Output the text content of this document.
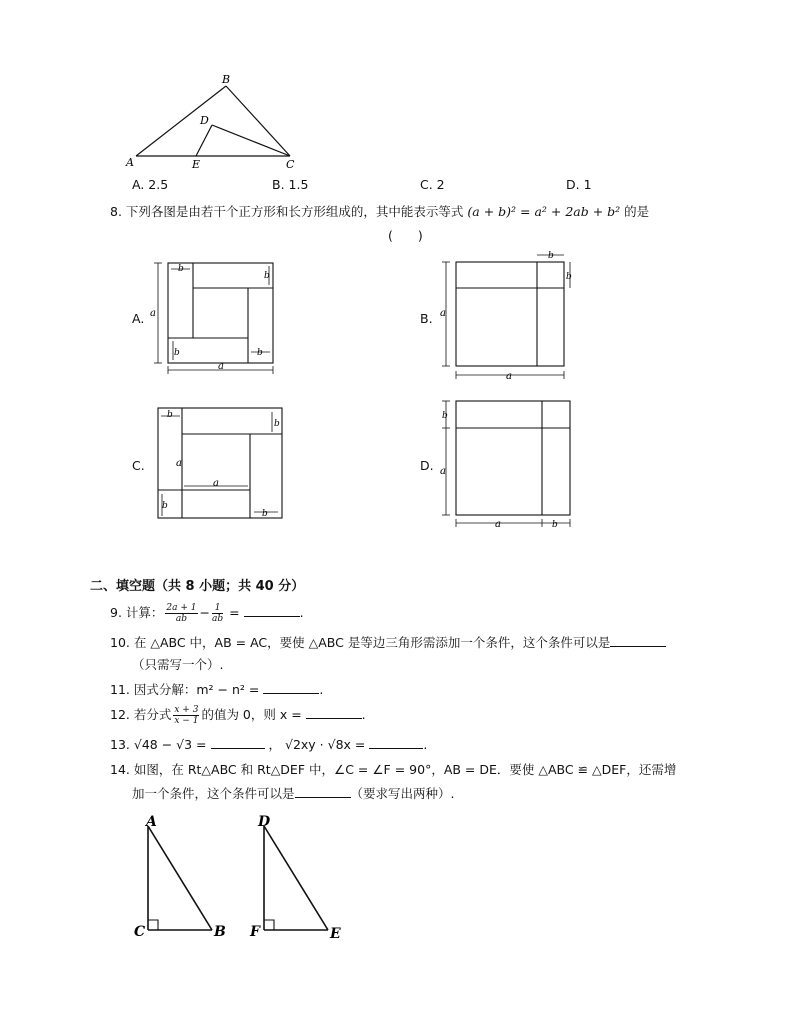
B
D
A	E	C
A. 2.5	B. 1.5	C. 2	D. 1
8. 下列各图是由若干个正方形和长方形组成的，其中能表示等式 (a + b)² = a² + 2ab + b² 的是
(　　)
A.	B.
C.	D.
a
a
b
b
b	b
a
a
b
b
b
b
a
a
b
b
b
a
a	b
二、填空题（共 8 小题；共 40 分）
9. 计算： $\frac{2a + 1}{ab} - \frac{1}{ab}$ =	.
10. 在 △ABC 中，AB = AC，要使 △ABC 是等边三角形需添加一个条件，这个条件可以是
（只需写一个）.
11. 因式分解：m² − n² =	.
12. 若分式 $\frac{x + 3}{x - 1}$ 的值为 0，则 x =	.
13. √48 − √3 =	， √2xy · √8x =	.
14. 如图，在 Rt△ABC 和 Rt△DEF 中，∠C = ∠F = 90°，AB = DE．要使 △ABC ≌ △DEF，还需增
加一个条件，这个条件可以是	（要求写出两种）.
A
C	B
D
F	E
